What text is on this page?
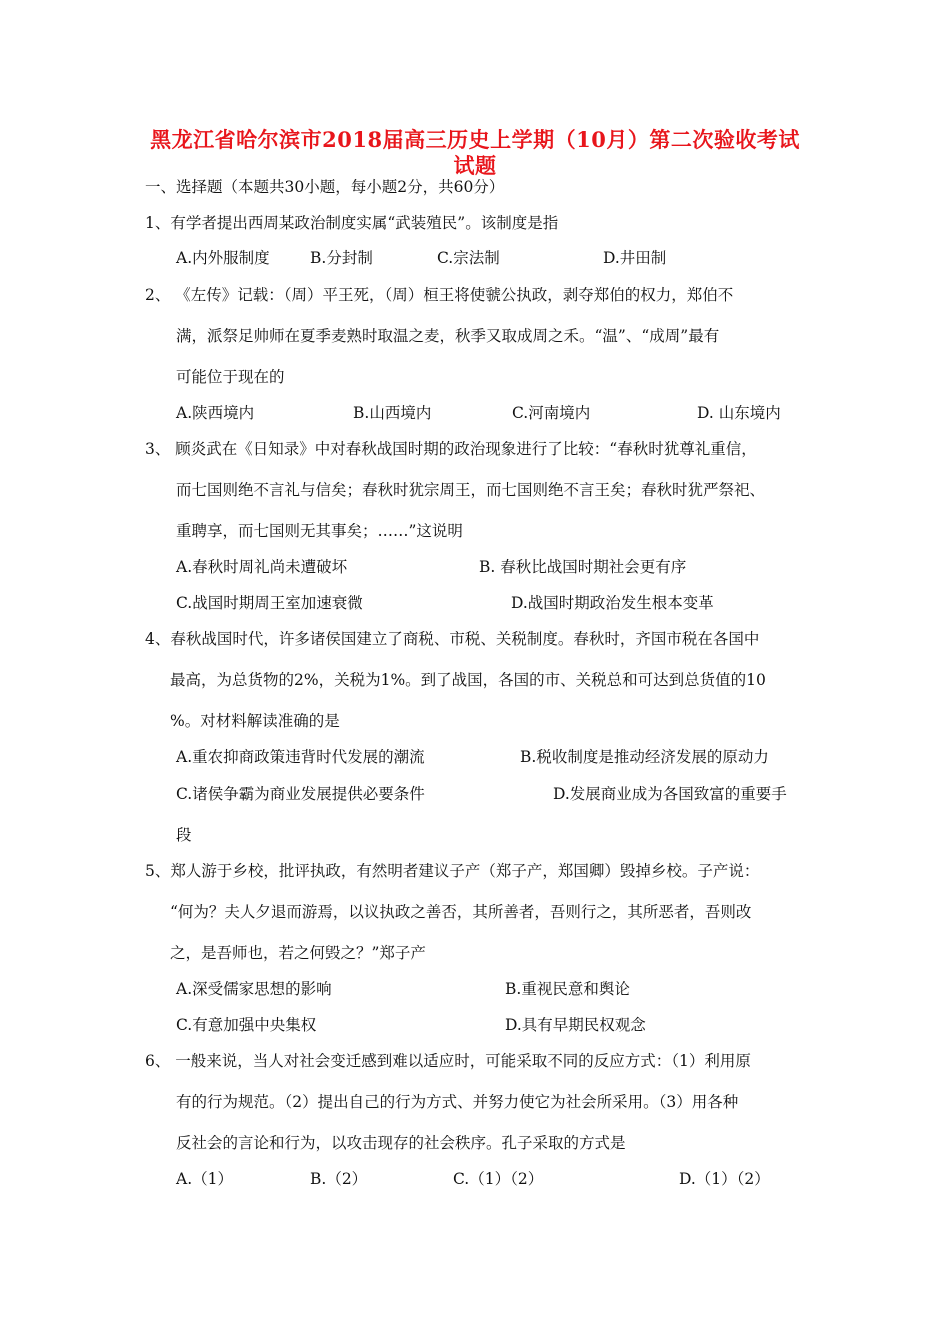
黑龙江省哈尔滨市2018届高三历史上学期（10月）第二次验收考试
试题
一、选择题（本题共30小题，每小题2分，共60分）
1、有学者提出西周某政治制度实属“武装殖民”。该制度是指
A.内外服制度	B.分封制	C.宗法制	D.井田制
2、 《左传》记载：（周）平王死，（周）桓王将使虢公执政，剥夺郑伯的权力，郑伯不
满，派祭足帅师在夏季麦熟时取温之麦，秋季又取成周之禾。“温”、“成周”最有
可能位于现在的
A.陕西境内	B.山西境内	C.河南境内	D. 山东境内
3、 顾炎武在《日知录》中对春秋战国时期的政治现象进行了比较：“春秋时犹尊礼重信，
而七国则绝不言礼与信矣；春秋时犹宗周王，而七国则绝不言王矣；春秋时犹严祭祀、
重聘享，而七国则无其事矣；……”这说明
A.春秋时周礼尚未遭破坏	B. 春秋比战国时期社会更有序
C.战国时期周王室加速衰微	D.战国时期政治发生根本变革
4、春秋战国时代，许多诸侯国建立了商税、市税、关税制度。春秋时，齐国市税在各国中
最高，为总货物的2%，关税为1%。到了战国，各国的市、关税总和可达到总货值的10
%。对材料解读准确的是
A.重农抑商政策违背时代发展的潮流	B.税收制度是推动经济发展的原动力
C.诸侯争霸为商业发展提供必要条件	D.发展商业成为各国致富的重要手
段
5、郑人游于乡校，批评执政，有然明者建议子产（郑子产，郑国卿）毁掉乡校。子产说：
“何为？夫人夕退而游焉，以议执政之善否，其所善者，吾则行之，其所恶者，吾则改
之，是吾师也，若之何毁之？”郑子产
A.深受儒家思想的影响	B.重视民意和舆论
C.有意加强中央集权	D.具有早期民权观念
6、 一般来说，当人对社会变迁感到难以适应时，可能采取不同的反应方式：（1）利用原
有的行为规范。（2）提出自己的行为方式、并努力使它为社会所采用。（3）用各种
反社会的言论和行为，以攻击现存的社会秩序。孔子采取的方式是
A.（1）	B.（2）	C.（1）（2）	D.（1）（2）
